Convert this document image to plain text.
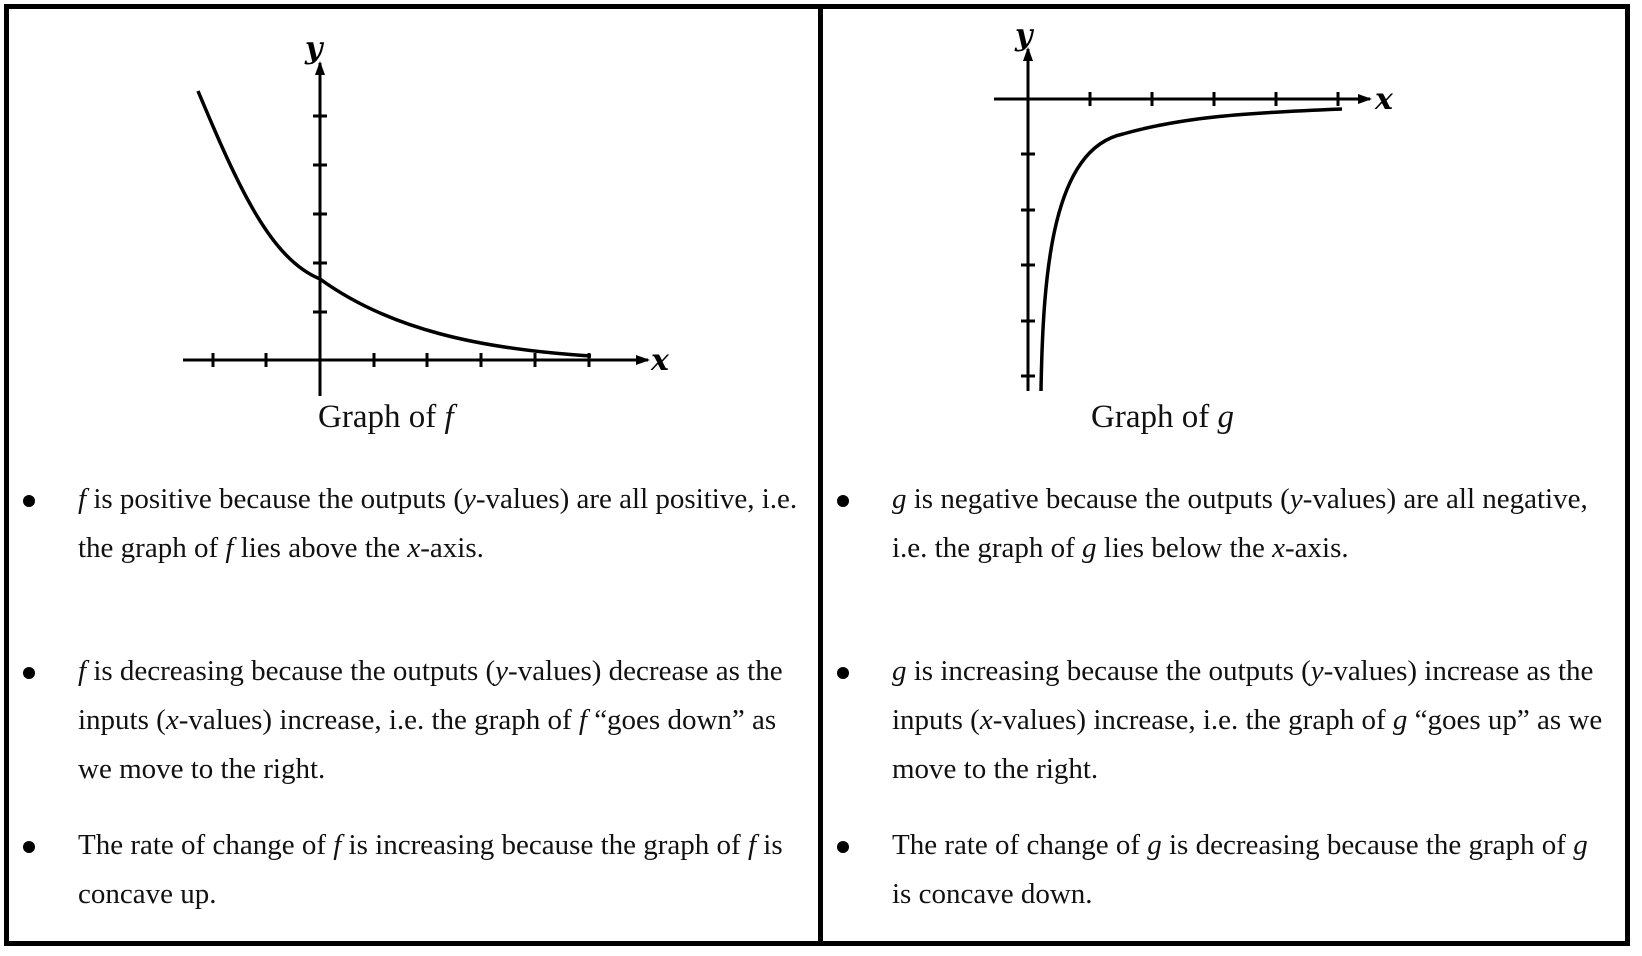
y
x
Graph of f
f is positive because the outputs (y-values) are all positive, i.e. the graph of f lies above the x-axis.
f is decreasing because the outputs (y-values) decrease as the inputs (x-values) increase, i.e. the graph of f “goes down” as we move to the right.
The rate of change of f is increasing because the graph of f is concave up.
y
x
Graph of g
g is negative because the outputs (y-values) are all negative, i.e. the graph of g lies below the x-axis.
g is increasing because the outputs (y-values) increase as the inputs (x-values) increase, i.e. the graph of g “goes up” as we move to the right.
The rate of change of g is decreasing because the graph of g is concave down.
